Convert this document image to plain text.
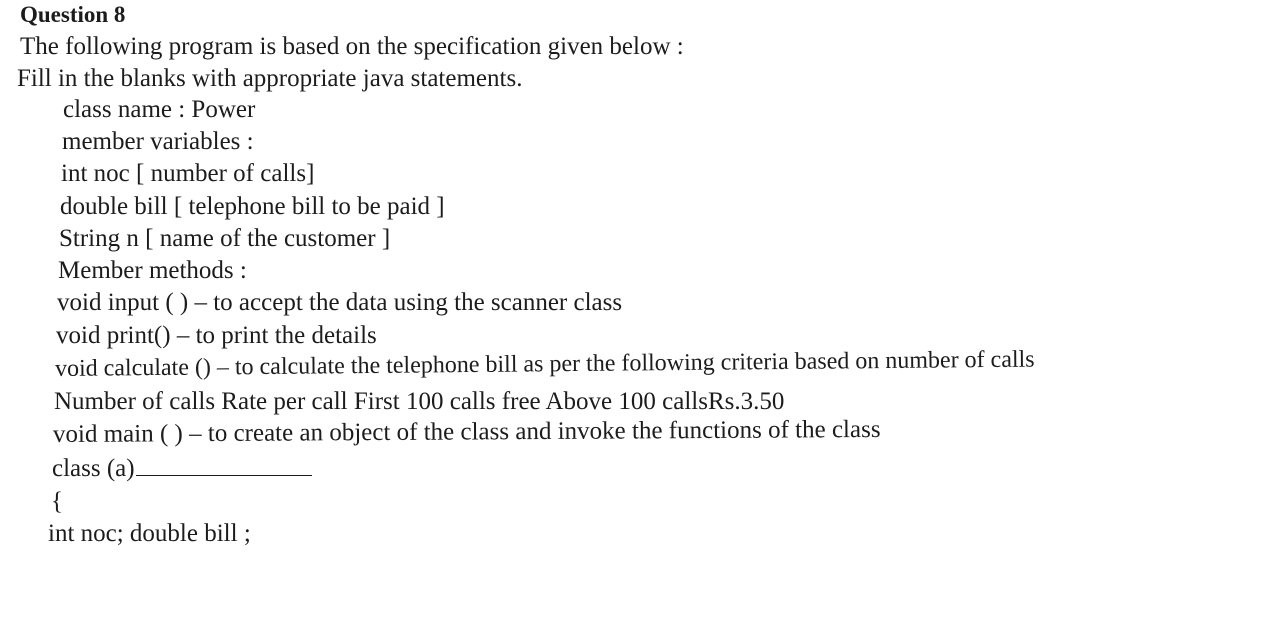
Question 8
The following program is based on the specification given below :
Fill in the blanks with appropriate java statements.
class name : Power
member variables :
int noc [ number of calls]
double bill [ telephone bill to be paid ]
String n [ name of the customer ]
Member methods :
void input ( ) – to accept the data using the scanner class
void print() – to print the details
void calculate () – to calculate the telephone bill as per the following criteria based on number of calls
Number of calls Rate per call First 100 calls free Above 100 callsRs.3.50
void main ( ) – to create an object of the class and invoke the functions of the class
class (a)
{
int noc; double bill ;
